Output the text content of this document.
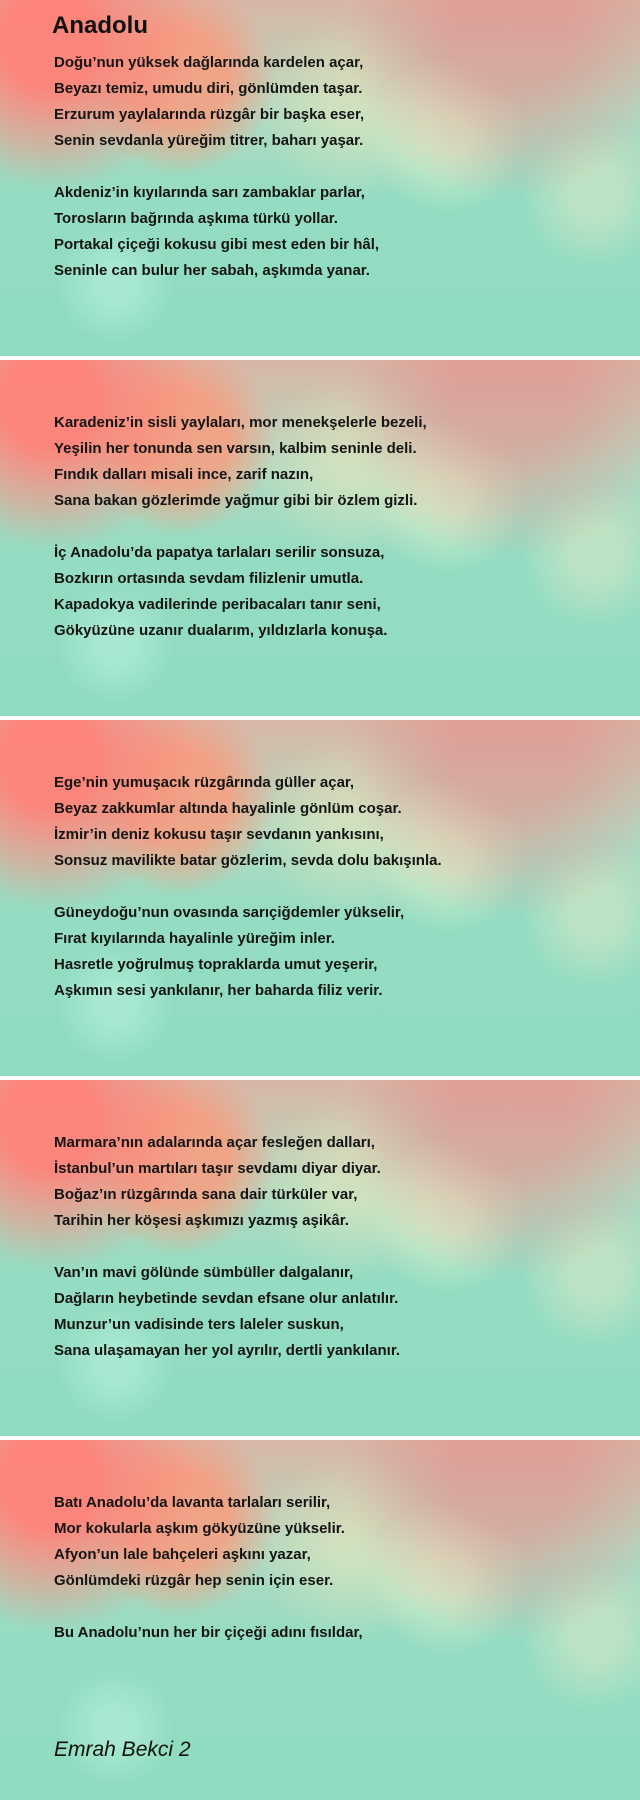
Anadolu
Doğu’nun yüksek dağlarında kardelen açar,
Beyazı temiz, umudu diri, gönlümden taşar.
Erzurum yaylalarında rüzgâr bir başka eser,
Senin sevdanla yüreğim titrer, baharı yaşar.
Akdeniz’in kıyılarında sarı zambaklar parlar,
Torosların bağrında aşkıma türkü yollar.
Portakal çiçeği kokusu gibi mest eden bir hâl,
Seninle can bulur her sabah, aşkımda yanar.
Karadeniz’in sisli yaylaları, mor menekşelerle bezeli,
Yeşilin her tonunda sen varsın, kalbim seninle deli.
Fındık dalları misali ince, zarif nazın,
Sana bakan gözlerimde yağmur gibi bir özlem gizli.
İç Anadolu’da papatya tarlaları serilir sonsuza,
Bozkırın ortasında sevdam filizlenir umutla.
Kapadokya vadilerinde peribacaları tanır seni,
Gökyüzüne uzanır dualarım, yıldızlarla konuşa.
Ege’nin yumuşacık rüzgârında güller açar,
Beyaz zakkumlar altında hayalinle gönlüm coşar.
İzmir’in deniz kokusu taşır sevdanın yankısını,
Sonsuz mavilikte batar gözlerim, sevda dolu bakışınla.
Güneydoğu’nun ovasında sarıçiğdemler yükselir,
Fırat kıyılarında hayalinle yüreğim inler.
Hasretle yoğrulmuş topraklarda umut yeşerir,
Aşkımın sesi yankılanır, her baharda filiz verir.
Marmara’nın adalarında açar fesleğen dalları,
İstanbul’un martıları taşır sevdamı diyar diyar.
Boğaz’ın rüzgârında sana dair türküler var,
Tarihin her köşesi aşkımızı yazmış aşikâr.
Van’ın mavi gölünde sümbüller dalgalanır,
Dağların heybetinde sevdan efsane olur anlatılır.
Munzur’un vadisinde ters laleler suskun,
Sana ulaşamayan her yol ayrılır, dertli yankılanır.
Batı Anadolu’da lavanta tarlaları serilir,
Mor kokularla aşkım gökyüzüne yükselir.
Afyon’un lale bahçeleri aşkını yazar,
Gönlümdeki rüzgâr hep senin için eser.
Bu Anadolu’nun her bir çiçeği adını fısıldar,
Emrah Bekci 2
